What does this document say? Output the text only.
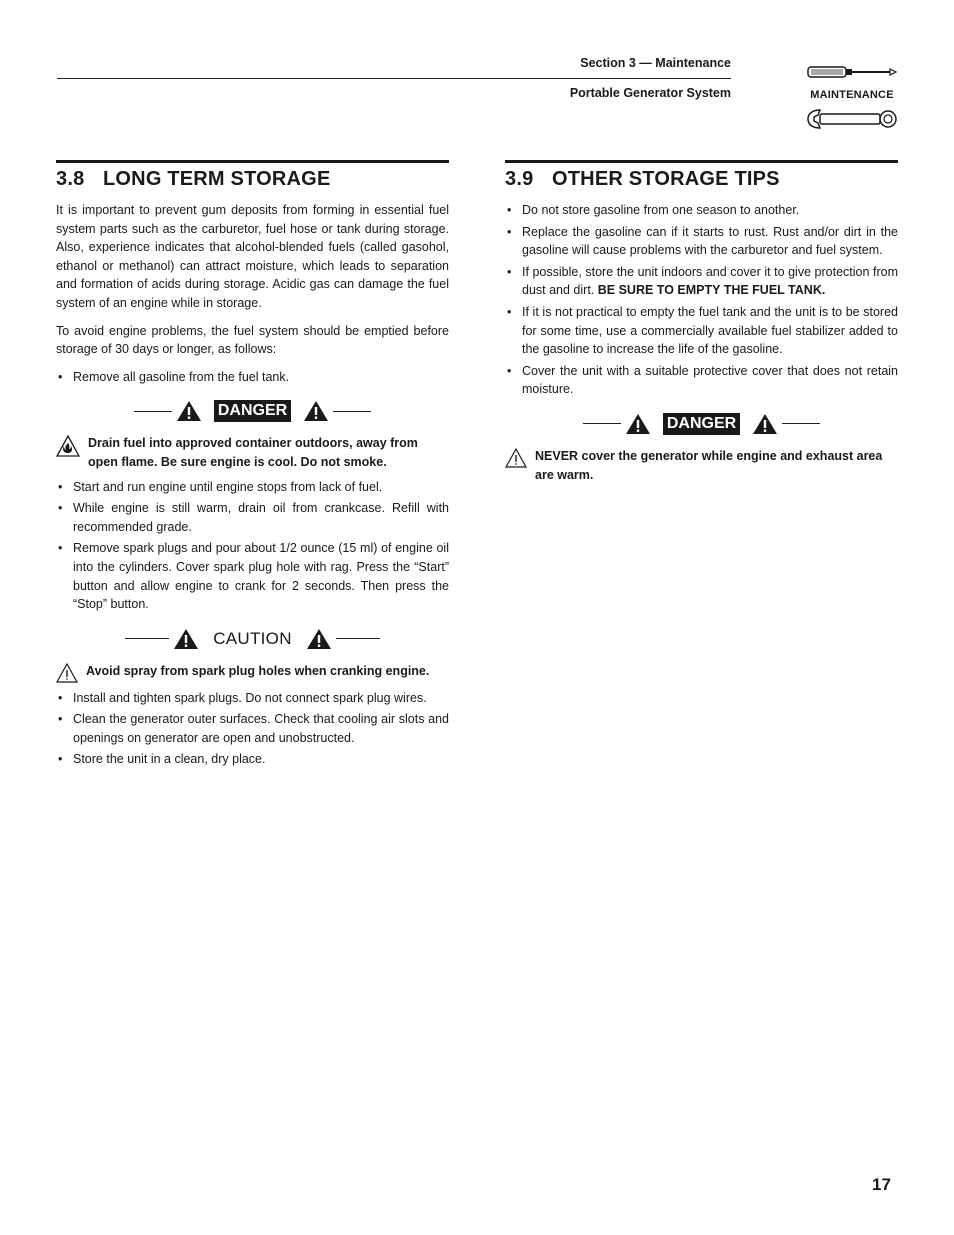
Section 3 — Maintenance
Portable Generator System	MAINTENANCE
3.8 LONG TERM STORAGE

It is important to prevent gum deposits from forming in essential fuel system parts such as the carburetor, fuel hose or tank during storage. Also, experience indicates that alcohol-blended fuels (called gasohol, ethanol or methanol) can attract moisture, which leads to separation and formation of acids during storage. Acidic gas can damage the fuel system of an engine while in storage.

To avoid engine problems, the fuel system should be emptied before storage of 30 days or longer, as follows:

• Remove all gasoline from the fuel tank.
DANGER
Drain fuel into approved container outdoors, away from open flame. Be sure engine is cool. Do not smoke.
• Start and run engine until engine stops from lack of fuel.
• While engine is still warm, drain oil from crankcase. Refill with recommended grade.
• Remove spark plugs and pour about 1/2 ounce (15 ml) of engine oil into the cylinders. Cover spark plug hole with rag. Press the “Start” button and allow engine to crank for 2 seconds. Then press the “Stop” button.
CAUTION
Avoid spray from spark plug holes when cranking engine.
• Install and tighten spark plugs. Do not connect spark plug wires.
• Clean the generator outer surfaces. Check that cooling air slots and openings on generator are open and unobstructed.
• Store the unit in a clean, dry place.
3.9 OTHER STORAGE TIPS
• Do not store gasoline from one season to another.
• Replace the gasoline can if it starts to rust. Rust and/or dirt in the gasoline will cause problems with the carburetor and fuel system.
• If possible, store the unit indoors and cover it to give protection from dust and dirt. BE SURE TO EMPTY THE FUEL TANK.
• If it is not practical to empty the fuel tank and the unit is to be stored for some time, use a commercially available fuel stabilizer added to the gasoline to increase the life of the gasoline.
• Cover the unit with a suitable protective cover that does not retain moisture.
DANGER
NEVER cover the generator while engine and exhaust area are warm.
17
